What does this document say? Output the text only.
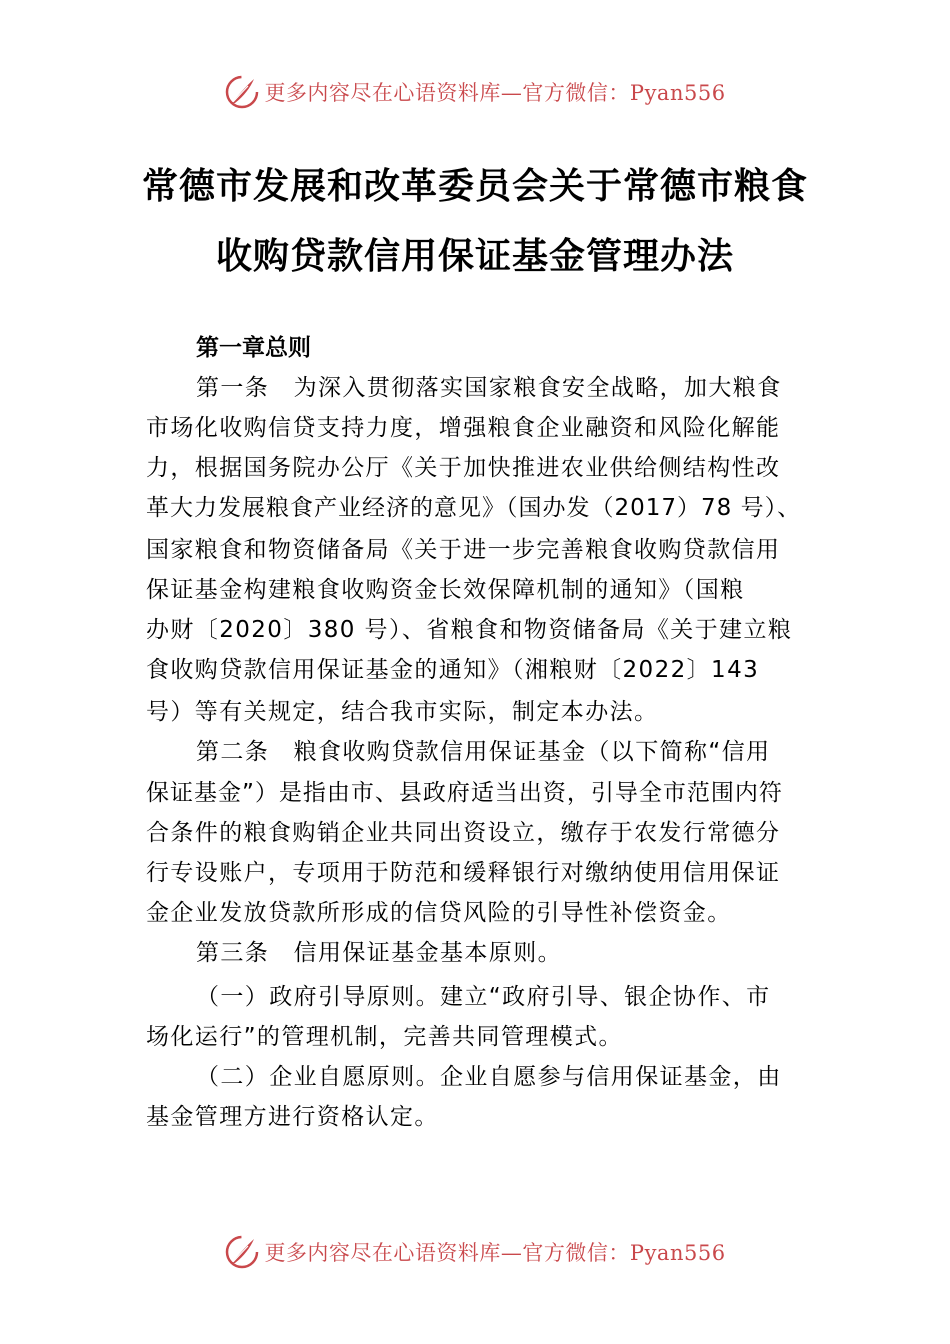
更多内容尽在心语资料库—官方微信：Pyan556
常德市发展和改革委员会关于常德市粮食
收购贷款信用保证基金管理办法
第一章总则
第一条　为深入贯彻落实国家粮食安全战略，加大粮食
市场化收购信贷支持力度，增强粮食企业融资和风险化解能
力，根据国务院办公厅《关于加快推进农业供给侧结构性改
革大力发展粮食产业经济的意见》（国办发（2017）78 号）、
国家粮食和物资储备局《关于进一步完善粮食收购贷款信用
保证基金构建粮食收购资金长效保障机制的通知》（国粮
办财〔2020〕380 号）、省粮食和物资储备局《关于建立粮
食收购贷款信用保证基金的通知》（湘粮财〔2022〕143
号）等有关规定，结合我市实际，制定本办法。
第二条　粮食收购贷款信用保证基金（以下简称“信用
保证基金”）是指由市、县政府适当出资，引导全市范围内符
合条件的粮食购销企业共同出资设立，缴存于农发行常德分
行专设账户，专项用于防范和缓释银行对缴纳使用信用保证
金企业发放贷款所形成的信贷风险的引导性补偿资金。
第三条　信用保证基金基本原则。
（一）政府引导原则。建立“政府引导、银企协作、市
场化运行”的管理机制，完善共同管理模式。
（二）企业自愿原则。企业自愿参与信用保证基金，由
基金管理方进行资格认定。
更多内容尽在心语资料库—官方微信：Pyan556
